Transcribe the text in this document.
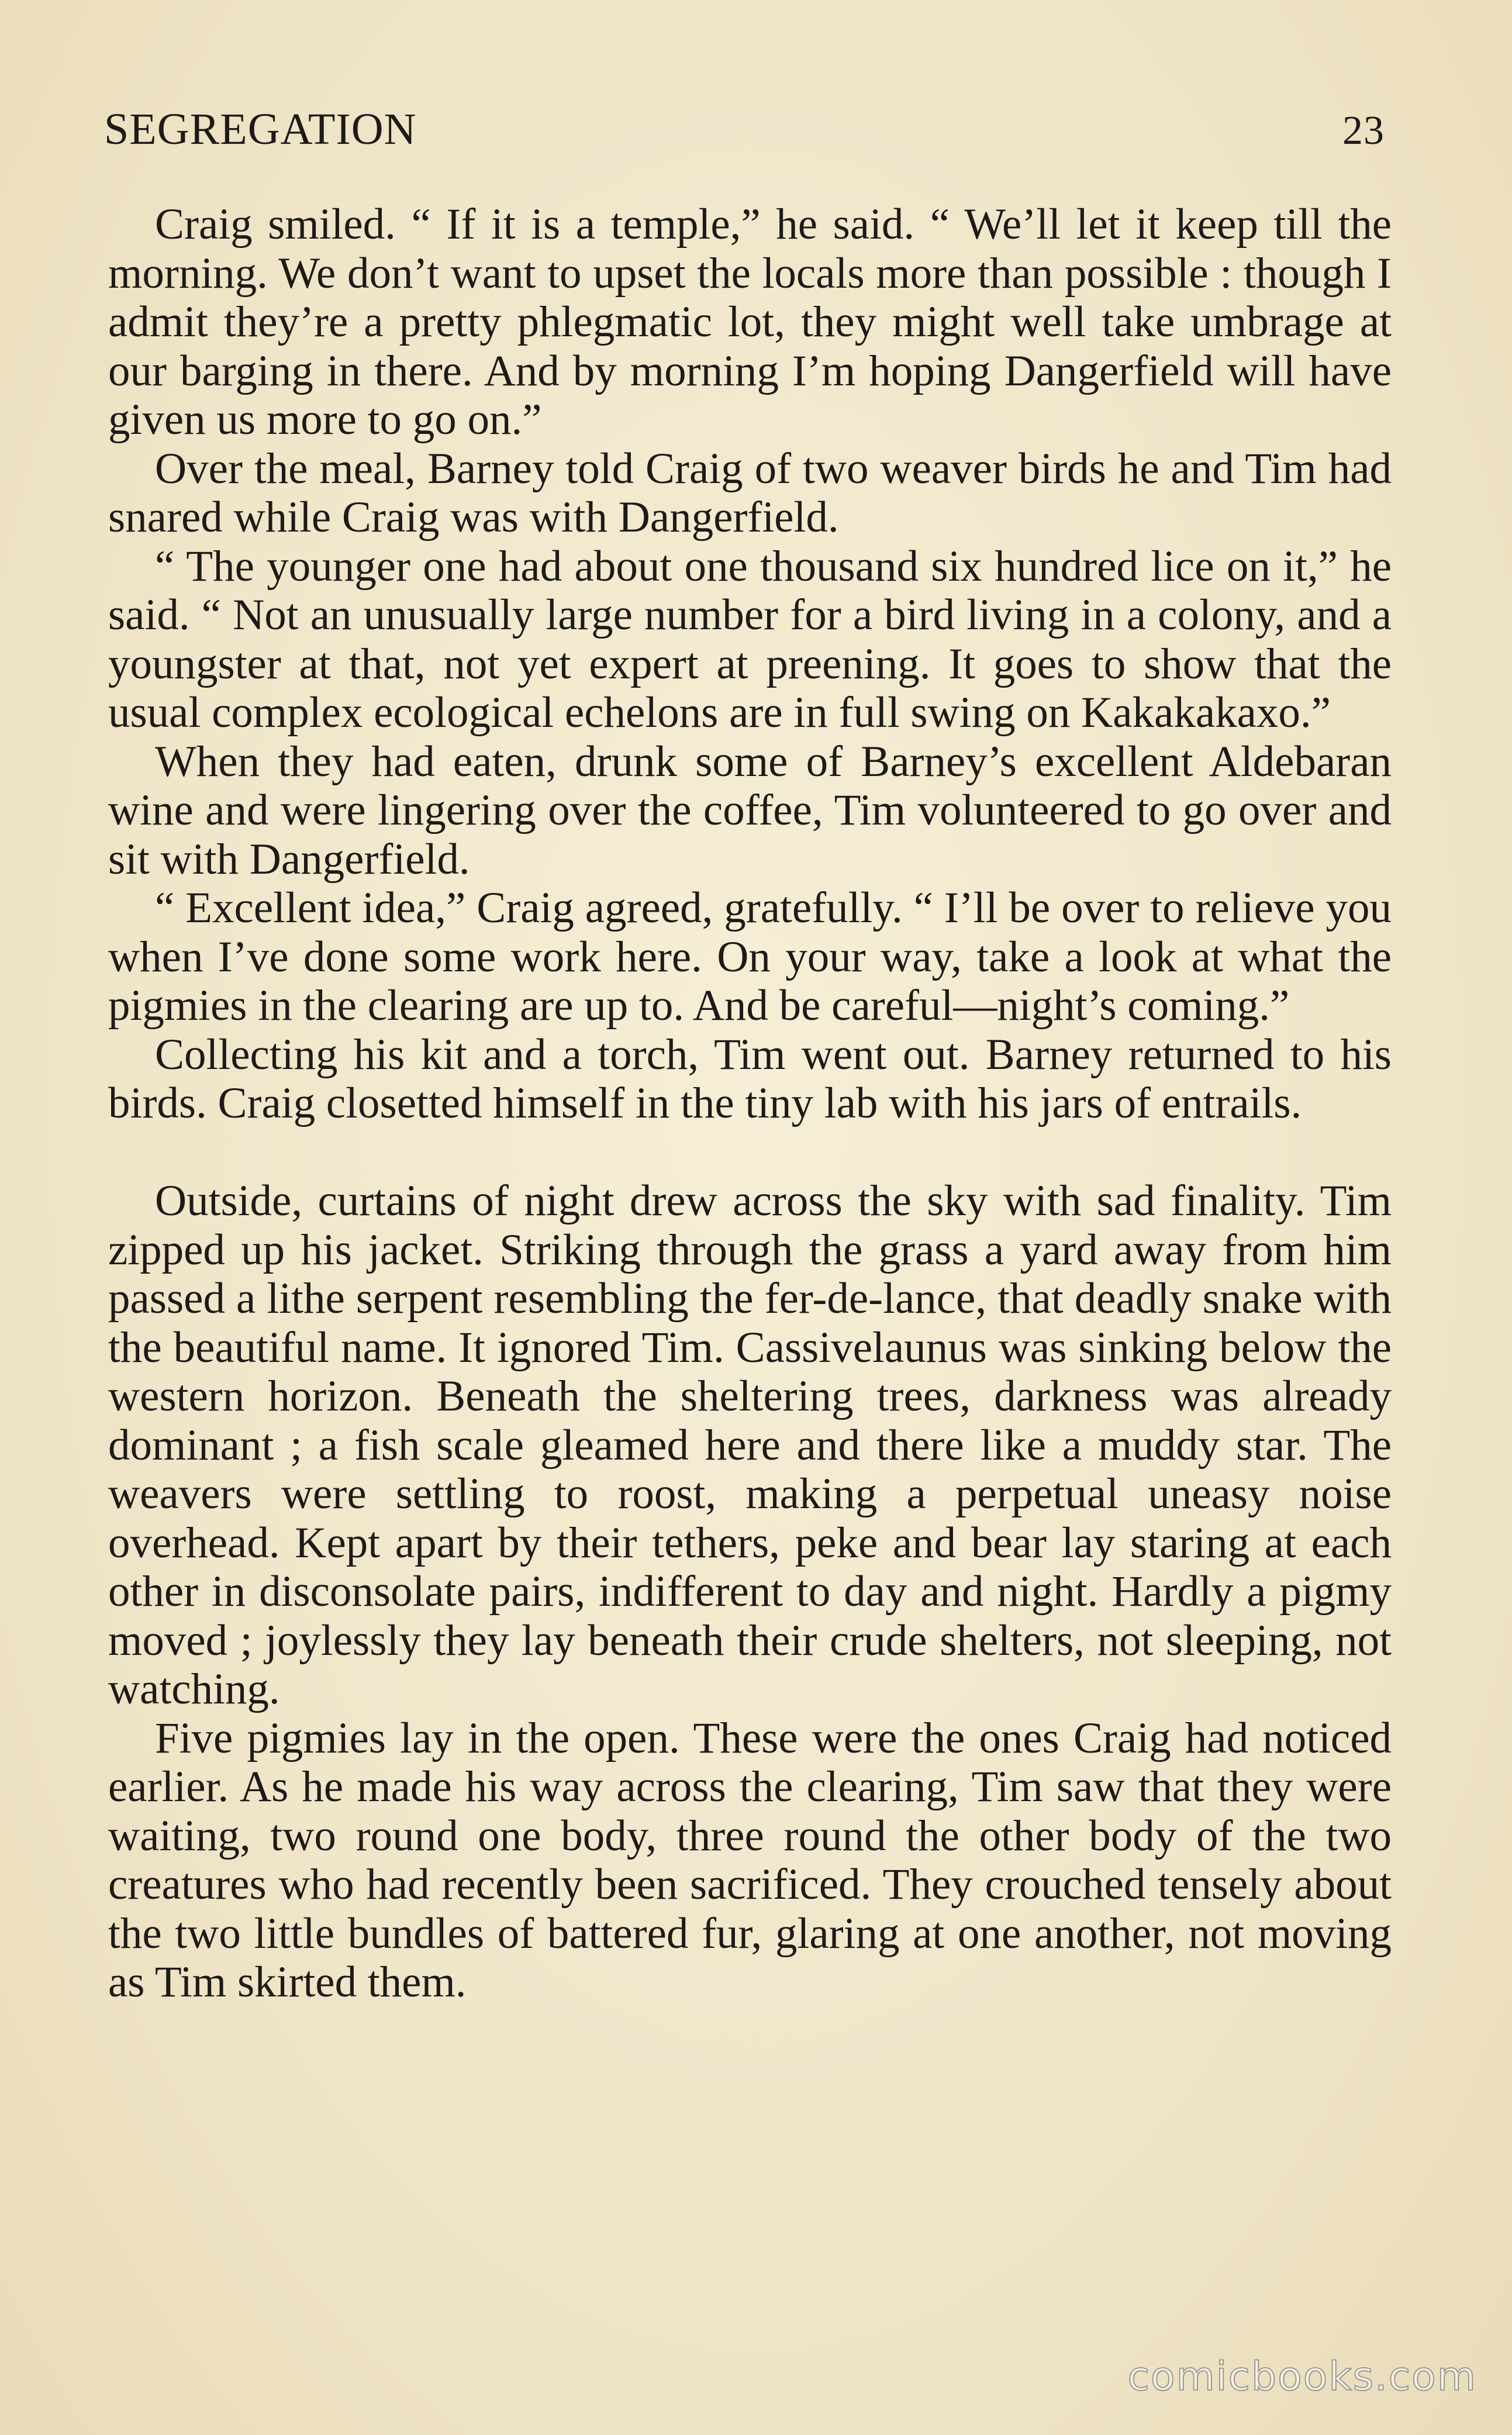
SEGREGATION	23

Craig smiled. “ If it is a temple,” he said. “ We’ll let it keep till the morning. We don’t want to upset the locals more than possible : though I admit they’re a pretty phlegmatic lot, they might well take umbrage at our barging in there. And by morning I’m hoping Dangerfield will have given us more to go on.”

Over the meal, Barney told Craig of two weaver birds he and Tim had snared while Craig was with Dangerfield.

“ The younger one had about one thousand six hundred lice on it,” he said. “ Not an unusually large number for a bird living in a colony, and a youngster at that, not yet expert at preening. It goes to show that the usual complex ecological echelons are in full swing on Kakakakaxo.”

When they had eaten, drunk some of Barney’s excellent Aldebaran wine and were lingering over the coffee, Tim volunteered to go over and sit with Dangerfield.

“ Excellent idea,” Craig agreed, gratefully. “ I’ll be over to relieve you when I’ve done some work here. On your way, take a look at what the pigmies in the clearing are up to. And be careful—night’s coming.”

Collecting his kit and a torch, Tim went out. Barney returned to his birds. Craig closetted himself in the tiny lab with his jars of entrails.

Outside, curtains of night drew across the sky with sad finality. Tim zipped up his jacket. Striking through the grass a yard away from him passed a lithe serpent resembling the fer-de-lance, that deadly snake with the beautiful name. It ignored Tim. Cassivelaunus was sinking below the western horizon. Beneath the sheltering trees, darkness was already dominant ; a fish scale gleamed here and there like a muddy star. The weavers were settling to roost, making a perpetual uneasy noise overhead. Kept apart by their tethers, peke and bear lay staring at each other in disconsolate pairs, indifferent to day and night. Hardly a pigmy moved ; joylessly they lay beneath their crude shelters, not sleeping, not watching.

Five pigmies lay in the open. These were the ones Craig had noticed earlier. As he made his way across the clearing, Tim saw that they were waiting, two round one body, three round the other body of the two creatures who had recently been sacrificed. They crouched tensely about the two little bundles of battered fur, glaring at one another, not moving as Tim skirted them.

comicbooks.com
